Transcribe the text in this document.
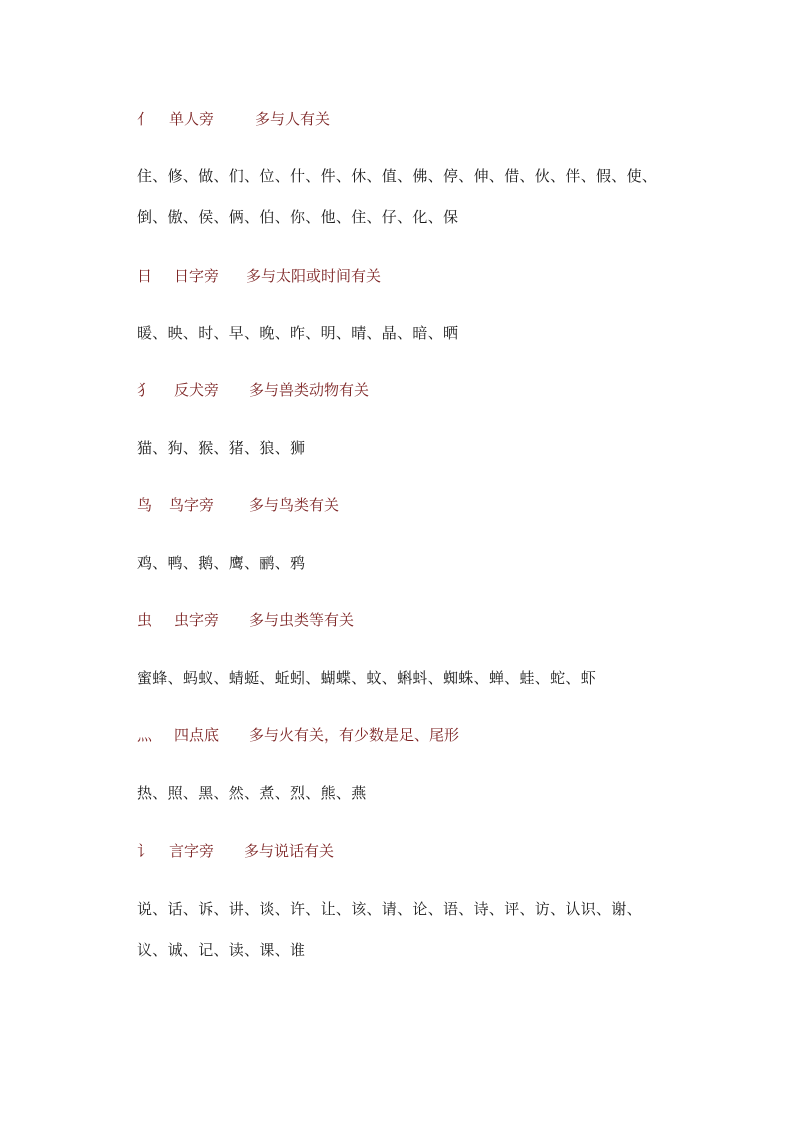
亻 单人旁	多与人有关
住、修、做、们、位、什、件、休、值、佛、停、伸、借、伙、伴、假、使、
倒、傲、侯、俩、伯、你、他、住、仔、化、保
日 日字旁 多与太阳或时间有关
暖、映、时、早、晚、昨、明、晴、晶、暗、晒
犭 反犬旁 多与兽类动物有关
猫、狗、猴、猪、狼、狮
鸟 鸟字旁 多与鸟类有关
鸡、鸭、鹅、鹰、鹂、鸦
虫 虫字旁 多与虫类等有关
蜜蜂、蚂蚁、蜻蜓、蚯蚓、蝴蝶、蚊、蝌蚪、蜘蛛、蝉、蛙、蛇、虾
灬 四点底 多与火有关，有少数是足、尾形
热、照、黑、然、煮、烈、熊、燕
讠 言字旁 多与说话有关
说、话、诉、讲、谈、许、让、该、请、论、语、诗、评、访、认识、谢、
议、诚、记、读、课、谁
